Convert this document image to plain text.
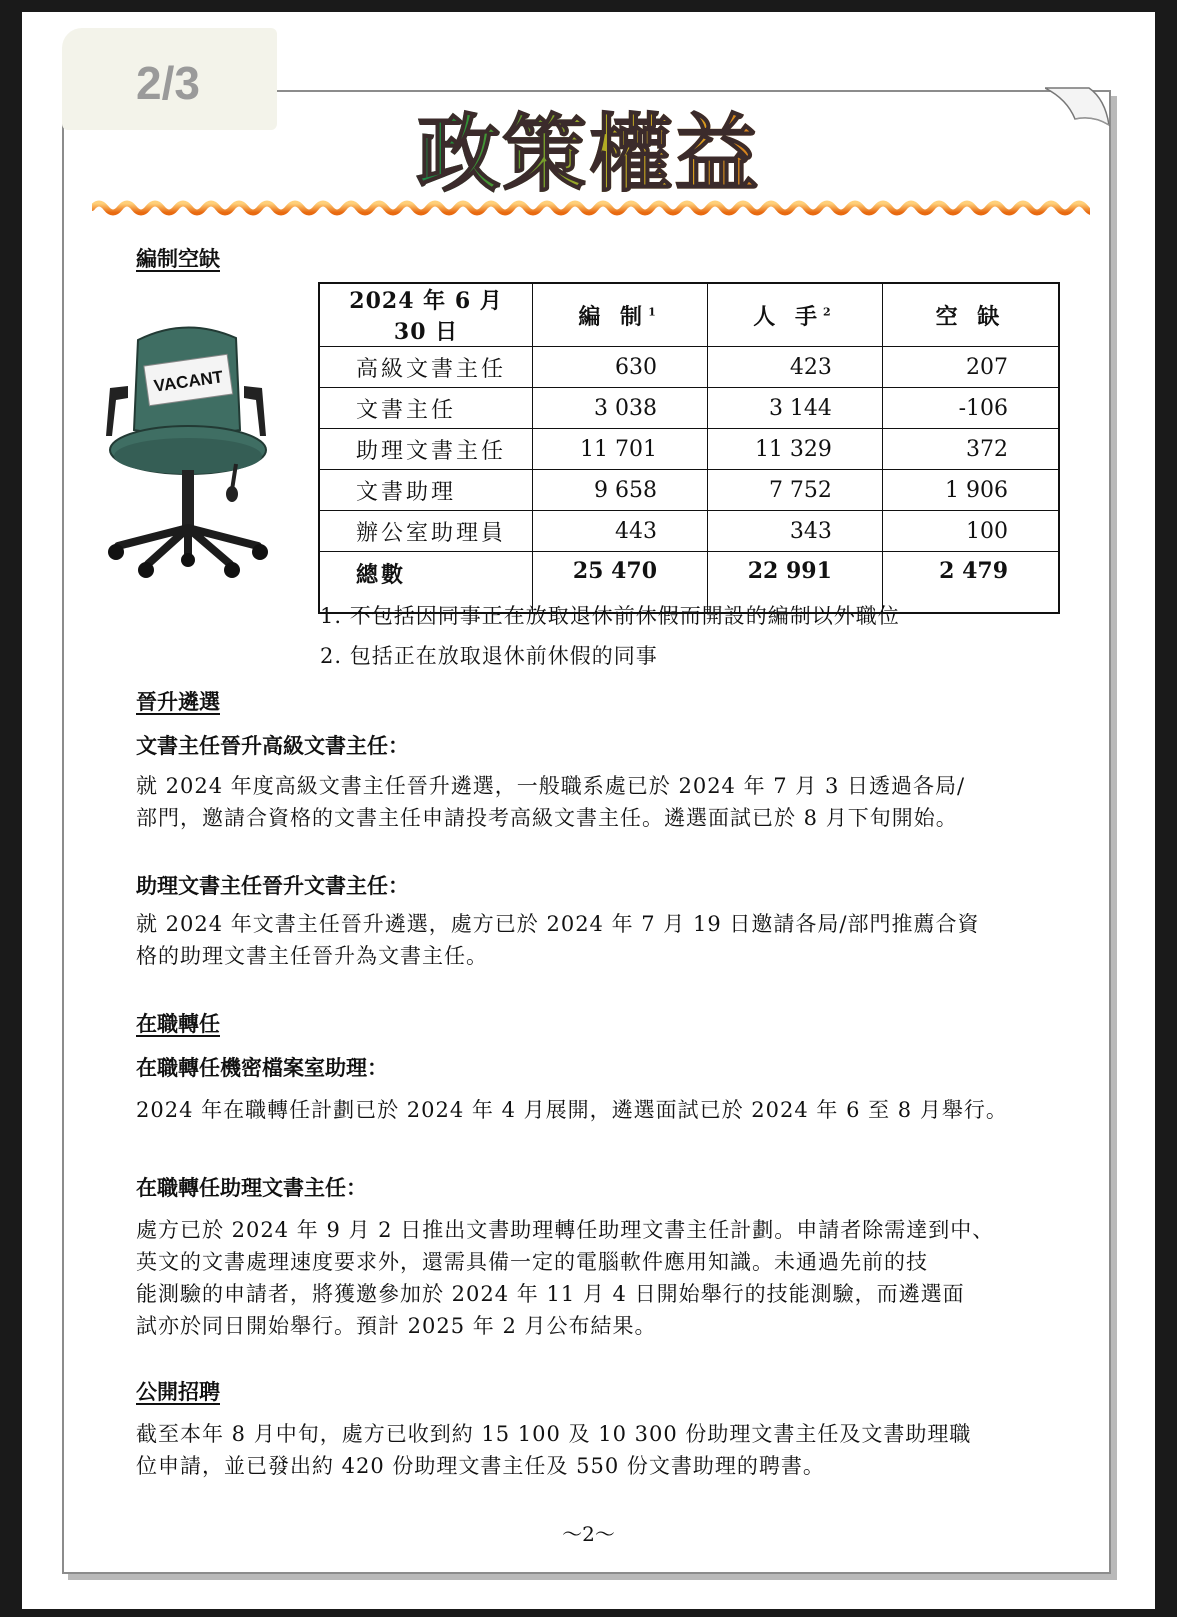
2/3
政策權益
編制空缺
VACANT
2024 年 6 月 30 日	編 制$^1$	人 手$^2$	空 缺
高級文書主任	630	423	207
文書主任	3 038	3 144	-106
助理文書主任	11 701	11 329	372
文書助理	9 658	7 752	1 906
辦公室助理員	443	343	100
總數	25 470	22 991	2 479
1. 不包括因同事正在放取退休前休假而開設的編制以外職位
2. 包括正在放取退休前休假的同事
晉升遴選
文書主任晉升高級文書主任：
就 2024 年度高級文書主任晉升遴選，一般職系處已於 2024 年 7 月 3 日透過各局/
部門，邀請合資格的文書主任申請投考高級文書主任。遴選面試已於 8 月下旬開始。
助理文書主任晉升文書主任：
就 2024 年文書主任晉升遴選，處方已於 2024 年 7 月 19 日邀請各局/部門推薦合資
格的助理文書主任晉升為文書主任。
在職轉任
在職轉任機密檔案室助理：
2024 年在職轉任計劃已於 2024 年 4 月展開，遴選面試已於 2024 年 6 至 8 月舉行。
在職轉任助理文書主任：
處方已於 2024 年 9 月 2 日推出文書助理轉任助理文書主任計劃。申請者除需達到中、
英文的文書處理速度要求外，還需具備一定的電腦軟件應用知識。未通過先前的技
能測驗的申請者，將獲邀參加於 2024 年 11 月 4 日開始舉行的技能測驗，而遴選面
試亦於同日開始舉行。預計 2025 年 2 月公布結果。
公開招聘
截至本年 8 月中旬，處方已收到約 15 100 及 10 300 份助理文書主任及文書助理職
位申請，並已發出約 420 份助理文書主任及 550 份文書助理的聘書。
～2～
